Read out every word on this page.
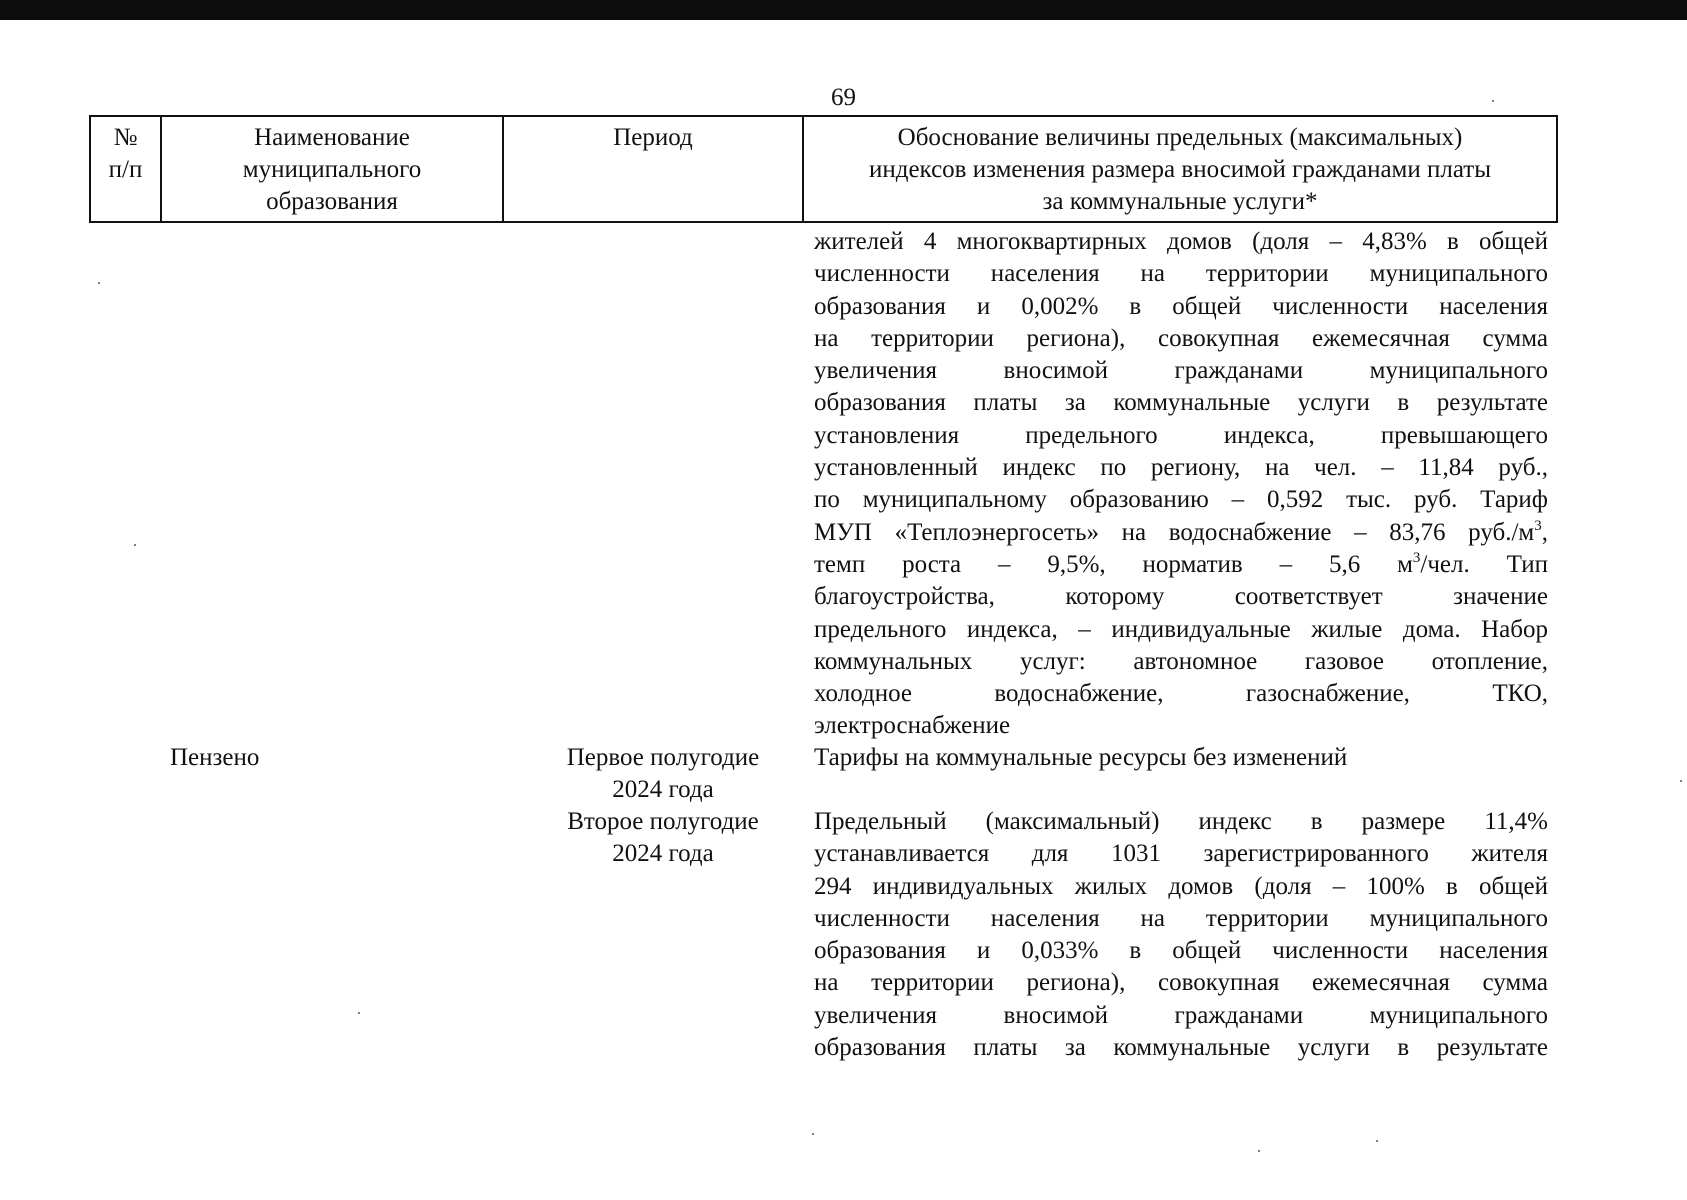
69
№
п/п
Наименование
муниципального
образования
Период	Обоснование величины предельных (максимальных)
индексов изменения размера вносимой гражданами платы
за коммунальные услуги*
жителей 4 многоквартирных домов (доля – 4,83% в общей
численности населения на территории муниципального
образования и 0,002% в общей численности населения
на территории региона), совокупная ежемесячная сумма
увеличения вносимой гражданами муниципального
образования платы за коммунальные услуги в результате
установления предельного индекса, превышающего
установленный индекс по региону, на чел. – 11,84 руб.,
по муниципальному образованию – 0,592 тыс. руб. Тариф
МУП «Теплоэнергосеть» на водоснабжение – 83,76 $руб./м^3$,
темп роста – 9,5%, норматив – 5,6 $м^3$/чел. Тип
благоустройства, которому соответствует значение
предельного индекса, – индивидуальные жилые дома. Набор
коммунальных услуг: автономное газовое отопление,
холодное водоснабжение, газоснабжение, ТКО,
электроснабжение
Пензено	Первое полугодие
2024 года
Тарифы на коммунальные ресурсы без изменений
Второе полугодие
2024 года
Предельный (максимальный) индекс в размере 11,4%
устанавливается для 1031 зарегистрированного жителя
294 индивидуальных жилых домов (доля – 100% в общей
численности населения на территории муниципального
образования и 0,033% в общей численности населения
на территории региона), совокупная ежемесячная сумма
увеличения вносимой гражданами муниципального
образования платы за коммунальные услуги в результате
